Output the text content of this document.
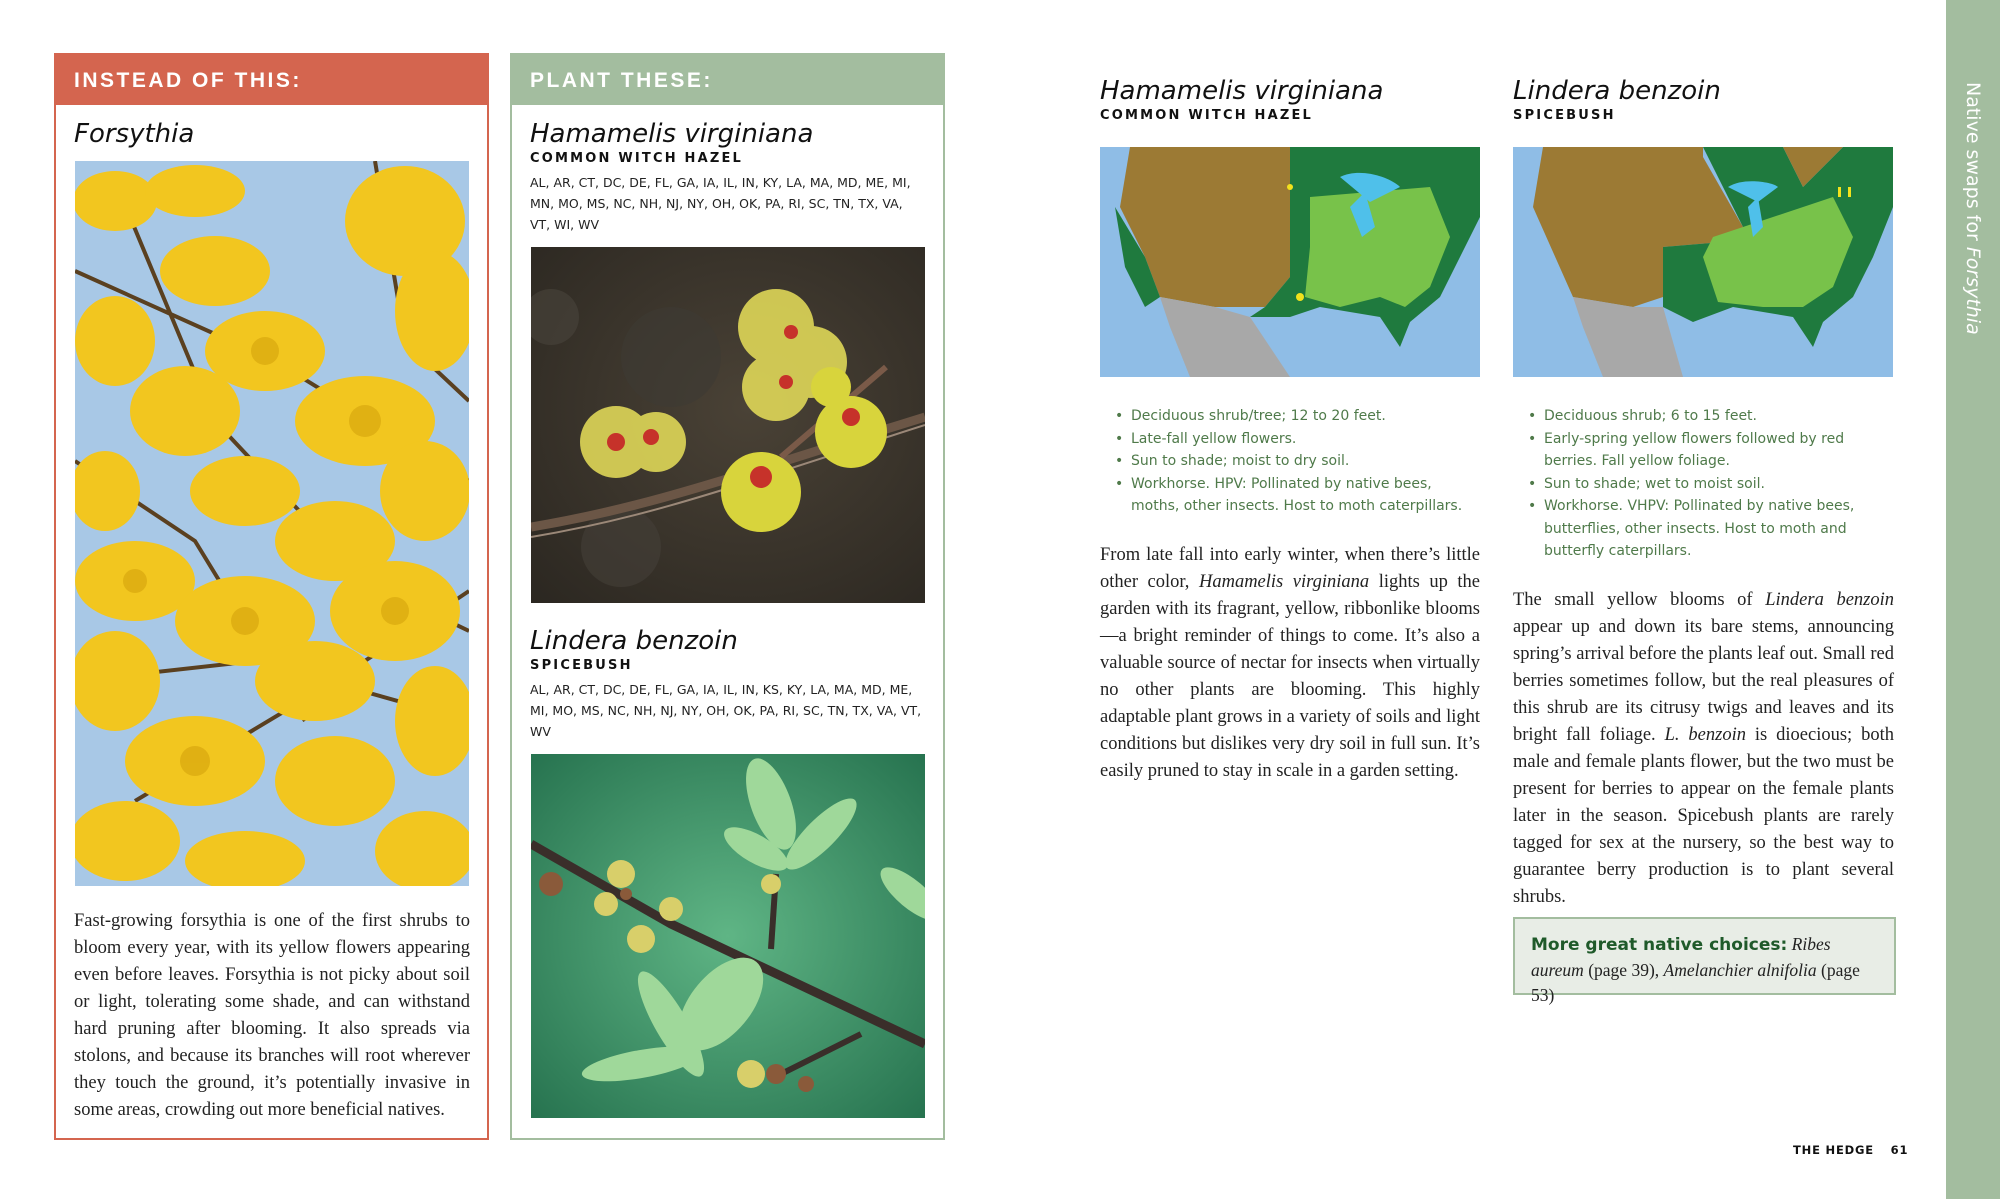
INSTEAD OF THIS:
Forsythia

Fast-growing forsythia is one of the first shrubs to bloom every year, with its yellow flowers appearing even before leaves. Forsythia is not picky about soil or light, tolerating some shade, and can withstand hard pruning after blooming. It also spreads via stolons, and because its branches will root wherever they touch the ground, it’s potentially invasive in some areas, crowding out more beneficial natives.

PLANT THESE:
Hamamelis virginiana
COMMON WITCH HAZEL
AL, AR, CT, DC, DE, FL, GA, IA, IL, IN, KY, LA, MA, MD, ME, MI, MN, MO, MS, NC, NH, NJ, NY, OH, OK, PA, RI, SC, TN, TX, VA, VT, WI, WV
Lindera benzoin
SPICEBUSH
AL, AR, CT, DC, DE, FL, GA, IA, IL, IN, KS, KY, LA, MA, MD, ME, MI, MO, MS, NC, NH, NJ, NY, OH, OK, PA, RI, SC, TN, TX, VA, VT, WV
Hamamelis virginiana
COMMON WITCH HAZEL
• Deciduous shrub/tree; 12 to 20 feet.
• Late-fall yellow flowers.
• Sun to shade; moist to dry soil.
• Workhorse. HPV: Pollinated by native bees, moths, other insects. Host to moth caterpillars.

From late fall into early winter, when there’s little other color, Hamamelis virginiana lights up the garden with its fragrant, yellow, ribbonlike blooms—a bright reminder of things to come. It’s also a valuable source of nectar for insects when virtually no other plants are blooming. This highly adaptable plant grows in a variety of soils and light conditions but dislikes very dry soil in full sun. It’s easily pruned to stay in scale in a garden setting.

Lindera benzoin
SPICEBUSH
• Deciduous shrub; 6 to 15 feet.
• Early-spring yellow flowers followed by red berries. Fall yellow foliage.
• Sun to shade; wet to moist soil.
• Workhorse. VHPV: Pollinated by native bees, butterflies, other insects. Host to moth and butterfly caterpillars.

The small yellow blooms of Lindera benzoin appear up and down its bare stems, announcing spring’s arrival before the plants leaf out. Small red berries sometimes follow, but the real pleasures of this shrub are its citrusy twigs and leaves and its bright fall foliage. L. benzoin is dioecious; both male and female plants flower, but the two must be present for berries to appear on the female plants later in the season. Spicebush plants are rarely tagged for sex at the nursery, so the best way to guarantee berry production is to plant several shrubs.

More great native choices: Ribes aureum (page 39), Amelanchier alnifolia (page 53)
THE HEDGE 61
Native swaps for Forsythia
